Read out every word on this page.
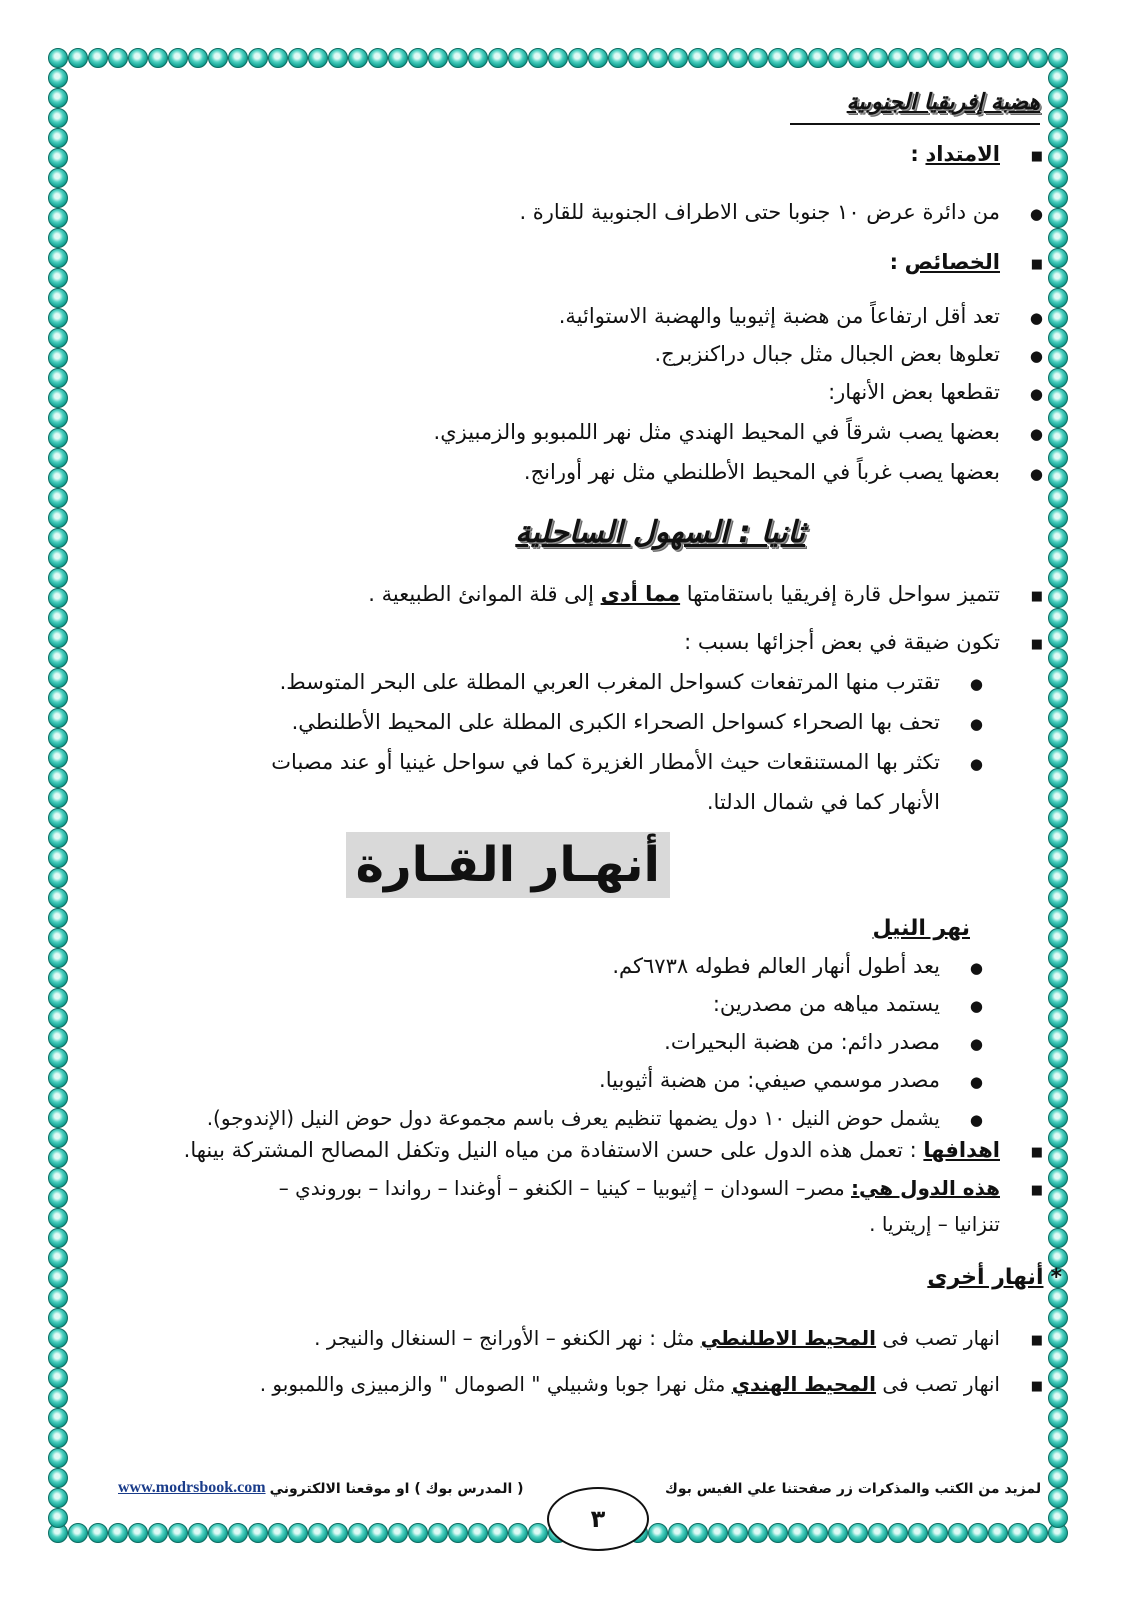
هضبة إفريقيا الجنوبية
■ الامتداد :
● من دائرة عرض ١٠ جنوبا حتى الاطراف الجنوبية للقارة .
■ الخصائص :
● تعد أقل ارتفاعاً من هضبة إثيوبيا والهضبة الاستوائية.
● تعلوها بعض الجبال مثل جبال دراكنزبرج.
● تقطعها بعض الأنهار:
● بعضها يصب شرقاً في المحيط الهندي مثل نهر اللمبوبو والزمبيزي.
● بعضها يصب غرباً في المحيط الأطلنطي مثل نهر أورانج.
ثانيا : السهول الساحلية
■ تتميز سواحل قارة إفريقيا باستقامتها مما أدى إلى قلة الموانئ الطبيعية .
■ تكون ضيقة في بعض أجزائها بسبب :
● تقترب منها المرتفعات كسواحل المغرب العربي المطلة على البحر المتوسط.
● تحف بها الصحراء كسواحل الصحراء الكبرى المطلة على المحيط الأطلنطي.
● تكثر بها المستنقعات حيث الأمطار الغزيرة كما في سواحل غينيا أو عند مصبات
الأنهار كما في شمال الدلتا.
أنهـار القـارة
نهر النيل
● يعد أطول أنهار العالم فطوله ٦٧٣٨كم.
● يستمد مياهه من مصدرين:
● مصدر دائم: من هضبة البحيرات.
● مصدر موسمي صيفي: من هضبة أثيوبيا.
● يشمل حوض النيل ١٠ دول يضمها تنظيم يعرف باسم مجموعة دول حوض النيل (الإندوجو).
■ اهدافها : تعمل هذه الدول على حسن الاستفادة من مياه النيل وتكفل المصالح المشتركة بينها.
■ هذه الدول هي: مصر– السودان – إثيوبيا – كينيا – الكنغو – أوغندا – رواندا – بوروندي –
تنزانيا – إريتريا .
* أنهار أخرى
■ انهار تصب فى المحيط الاطلنطي مثل : نهر الكنغو – الأورانج – السنغال والنيجر .
■ انهار تصب فى المحيط الهندي مثل نهرا جوبا وشبيلي " الصومال " والزمبيزى واللمبوبو .
لمزيد من الكتب والمذكرات زر صفحتنا علي الفيس بوك
( المدرس بوك ) او موقعنا الالكتروني
www.modrsbook.com
٣
